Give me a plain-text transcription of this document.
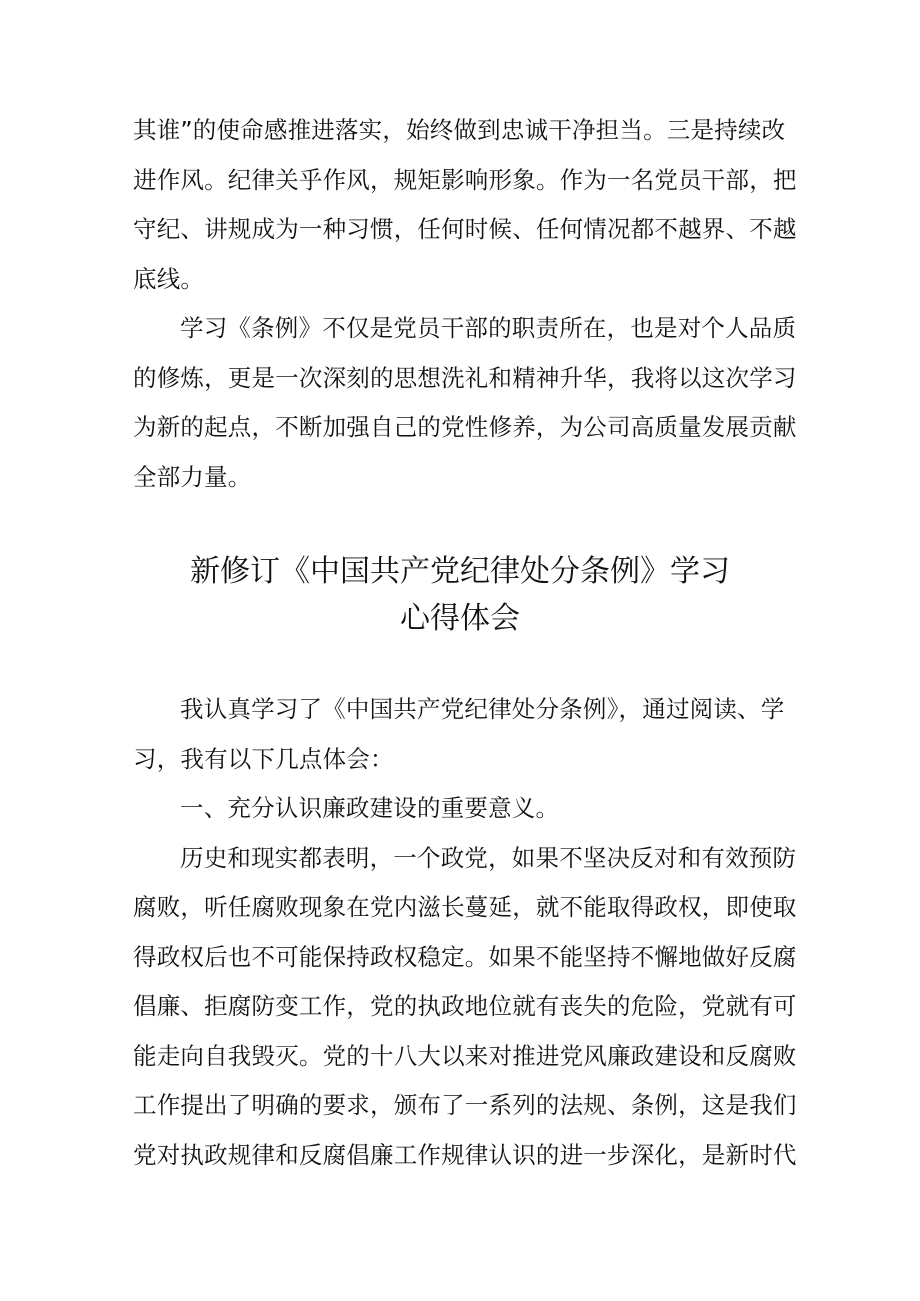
其谁”的使命感推进落实，始终做到忠诚干净担当。三是持续改
进作风。纪律关乎作风，规矩影响形象。作为一名党员干部，把
守纪、讲规成为一种习惯，任何时候、任何情况都不越界、不越
底线。
学习《条例》不仅是党员干部的职责所在，也是对个人品质
的修炼，更是一次深刻的思想洗礼和精神升华，我将以这次学习
为新的起点，不断加强自己的党性修养，为公司高质量发展贡献
全部力量。
新修订《中国共产党纪律处分条例》学习
心得体会
我认真学习了《中国共产党纪律处分条例》，通过阅读、学
习，我有以下几点体会：
一、充分认识廉政建设的重要意义。
历史和现实都表明，一个政党，如果不坚决反对和有效预防
腐败，听任腐败现象在党内滋长蔓延，就不能取得政权，即使取
得政权后也不可能保持政权稳定。如果不能坚持不懈地做好反腐
倡廉、拒腐防变工作，党的执政地位就有丧失的危险，党就有可
能走向自我毁灭。党的十八大以来对推进党风廉政建设和反腐败
工作提出了明确的要求，颁布了一系列的法规、条例，这是我们
党对执政规律和反腐倡廉工作规律认识的进一步深化，是新时代
